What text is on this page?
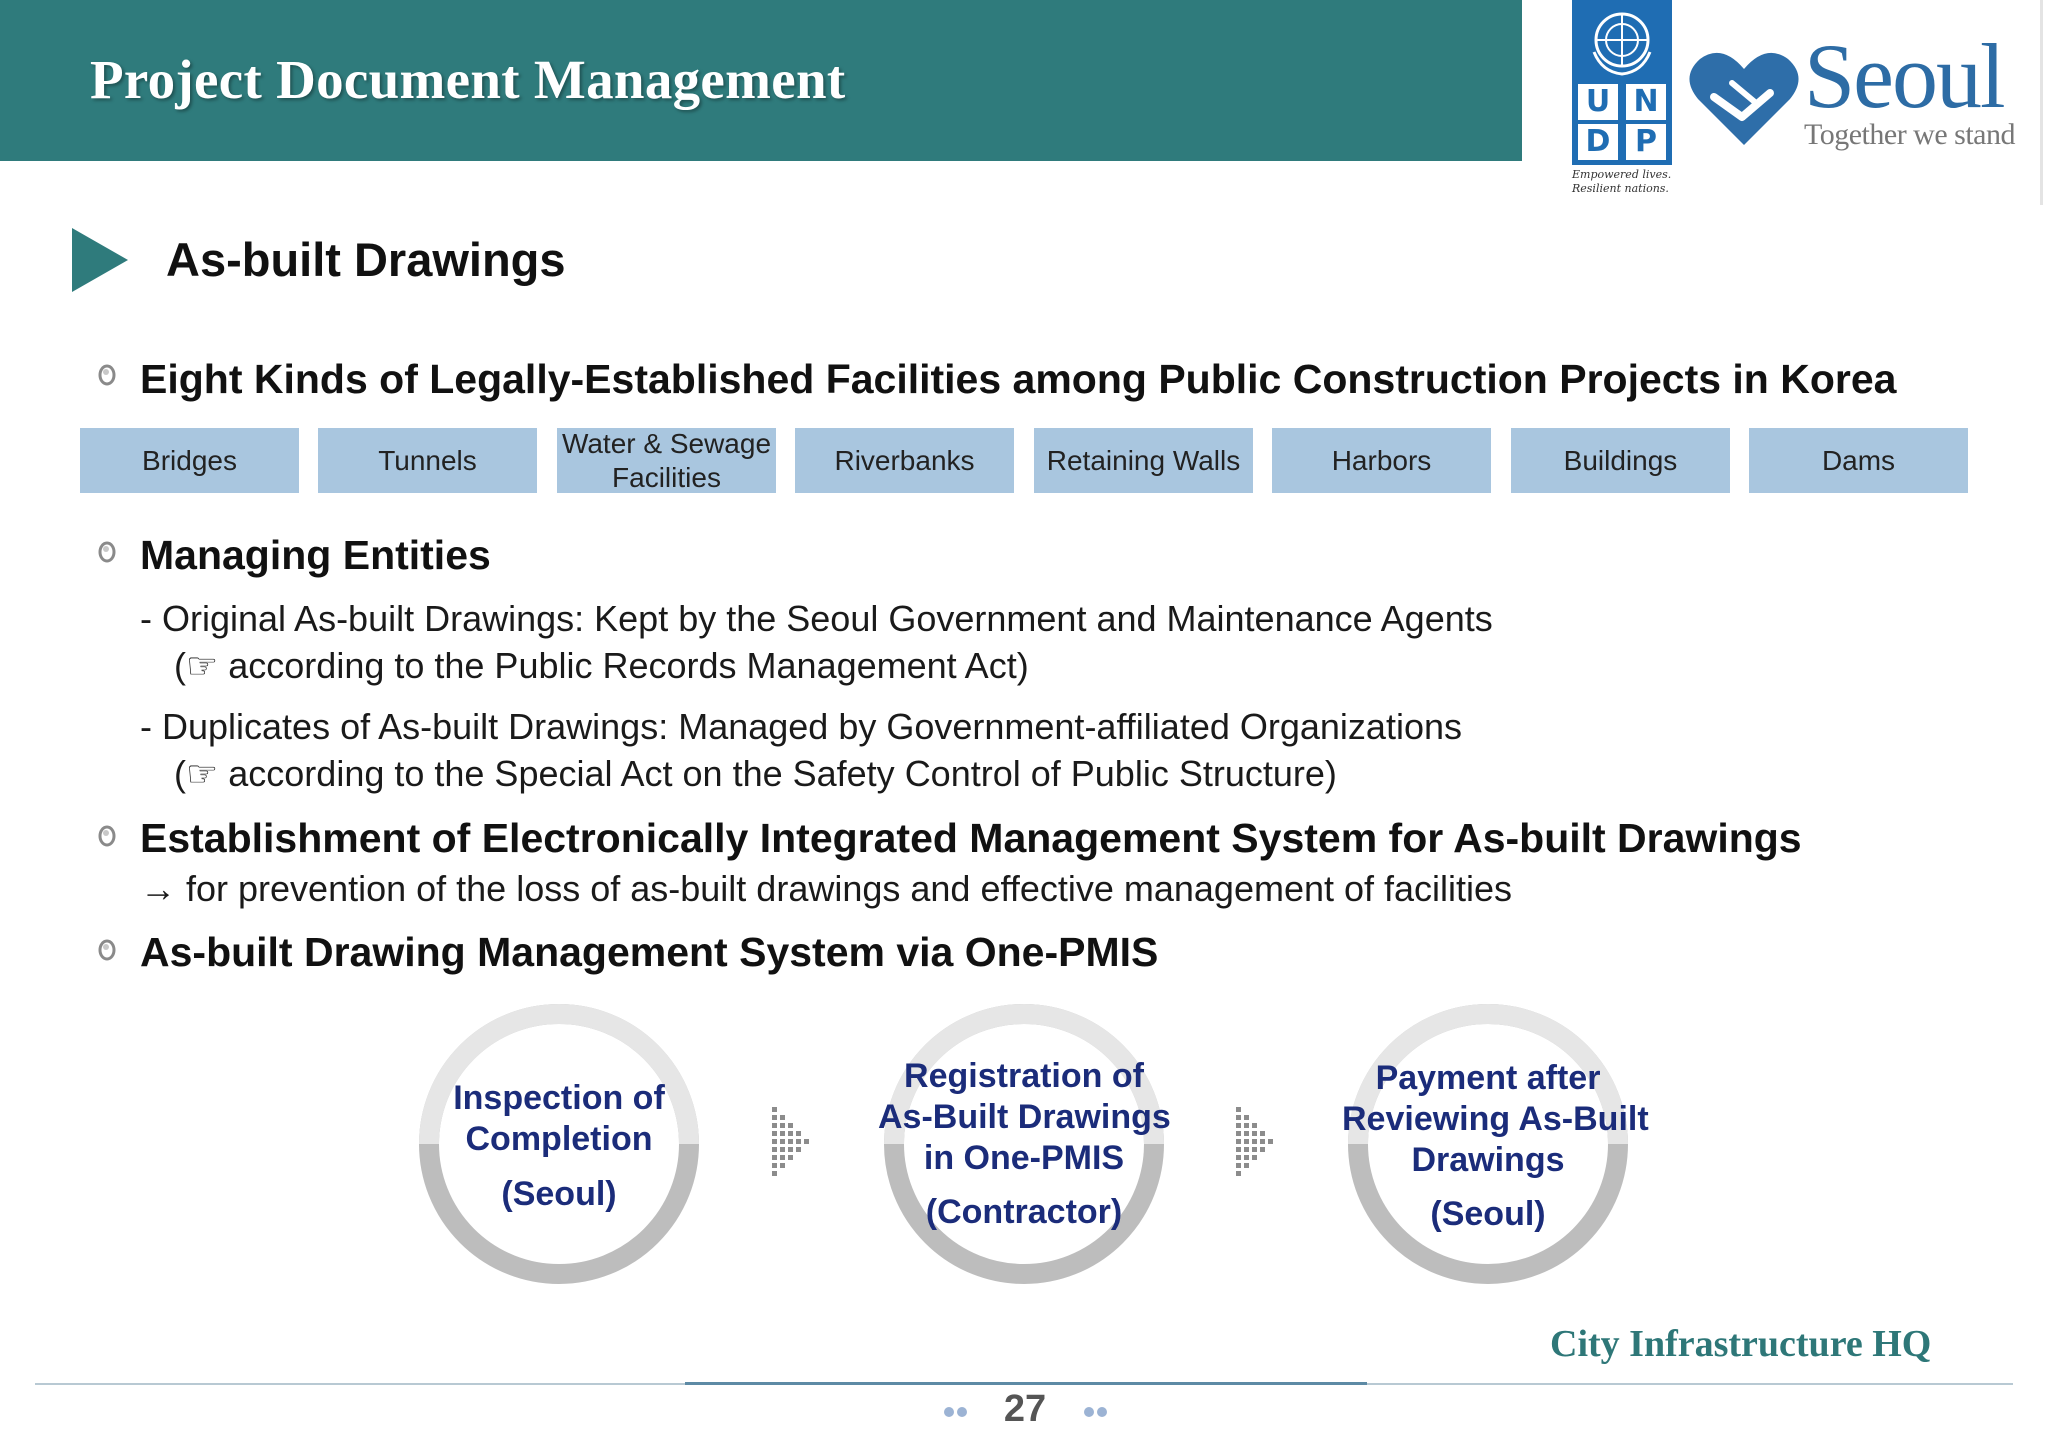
Project Document Management	U N
D P
Empowered lives.
Resilient nations.
Seoul
Together we stand
As-built Drawings
Eight Kinds of Legally-Established Facilities among Public Construction Projects in Korea
Bridges	Tunnels
Water & Sewage
Facilities
Riverbanks	Retaining Walls	Harbors	Buildings	Dams
Managing Entities
- Original As-built Drawings: Kept by the Seoul Government and Maintenance Agents
(☞ according to the Public Records Management Act)
- Duplicates of As-built Drawings: Managed by Government-affiliated Organizations
(☞ according to the Special Act on the Safety Control of Public Structure)
Establishment of Electronically Integrated Management System for As-built Drawings
→ for prevention of the loss of as-built drawings and effective management of facilities
As-built Drawing Management System via One-PMIS
Inspection of
Completion
(Seoul)
Registration of
As-Built Drawings
in One-PMIS
(Contractor)
Payment after
Reviewing As-Built
Drawings
(Seoul)
City Infrastructure HQ
27
